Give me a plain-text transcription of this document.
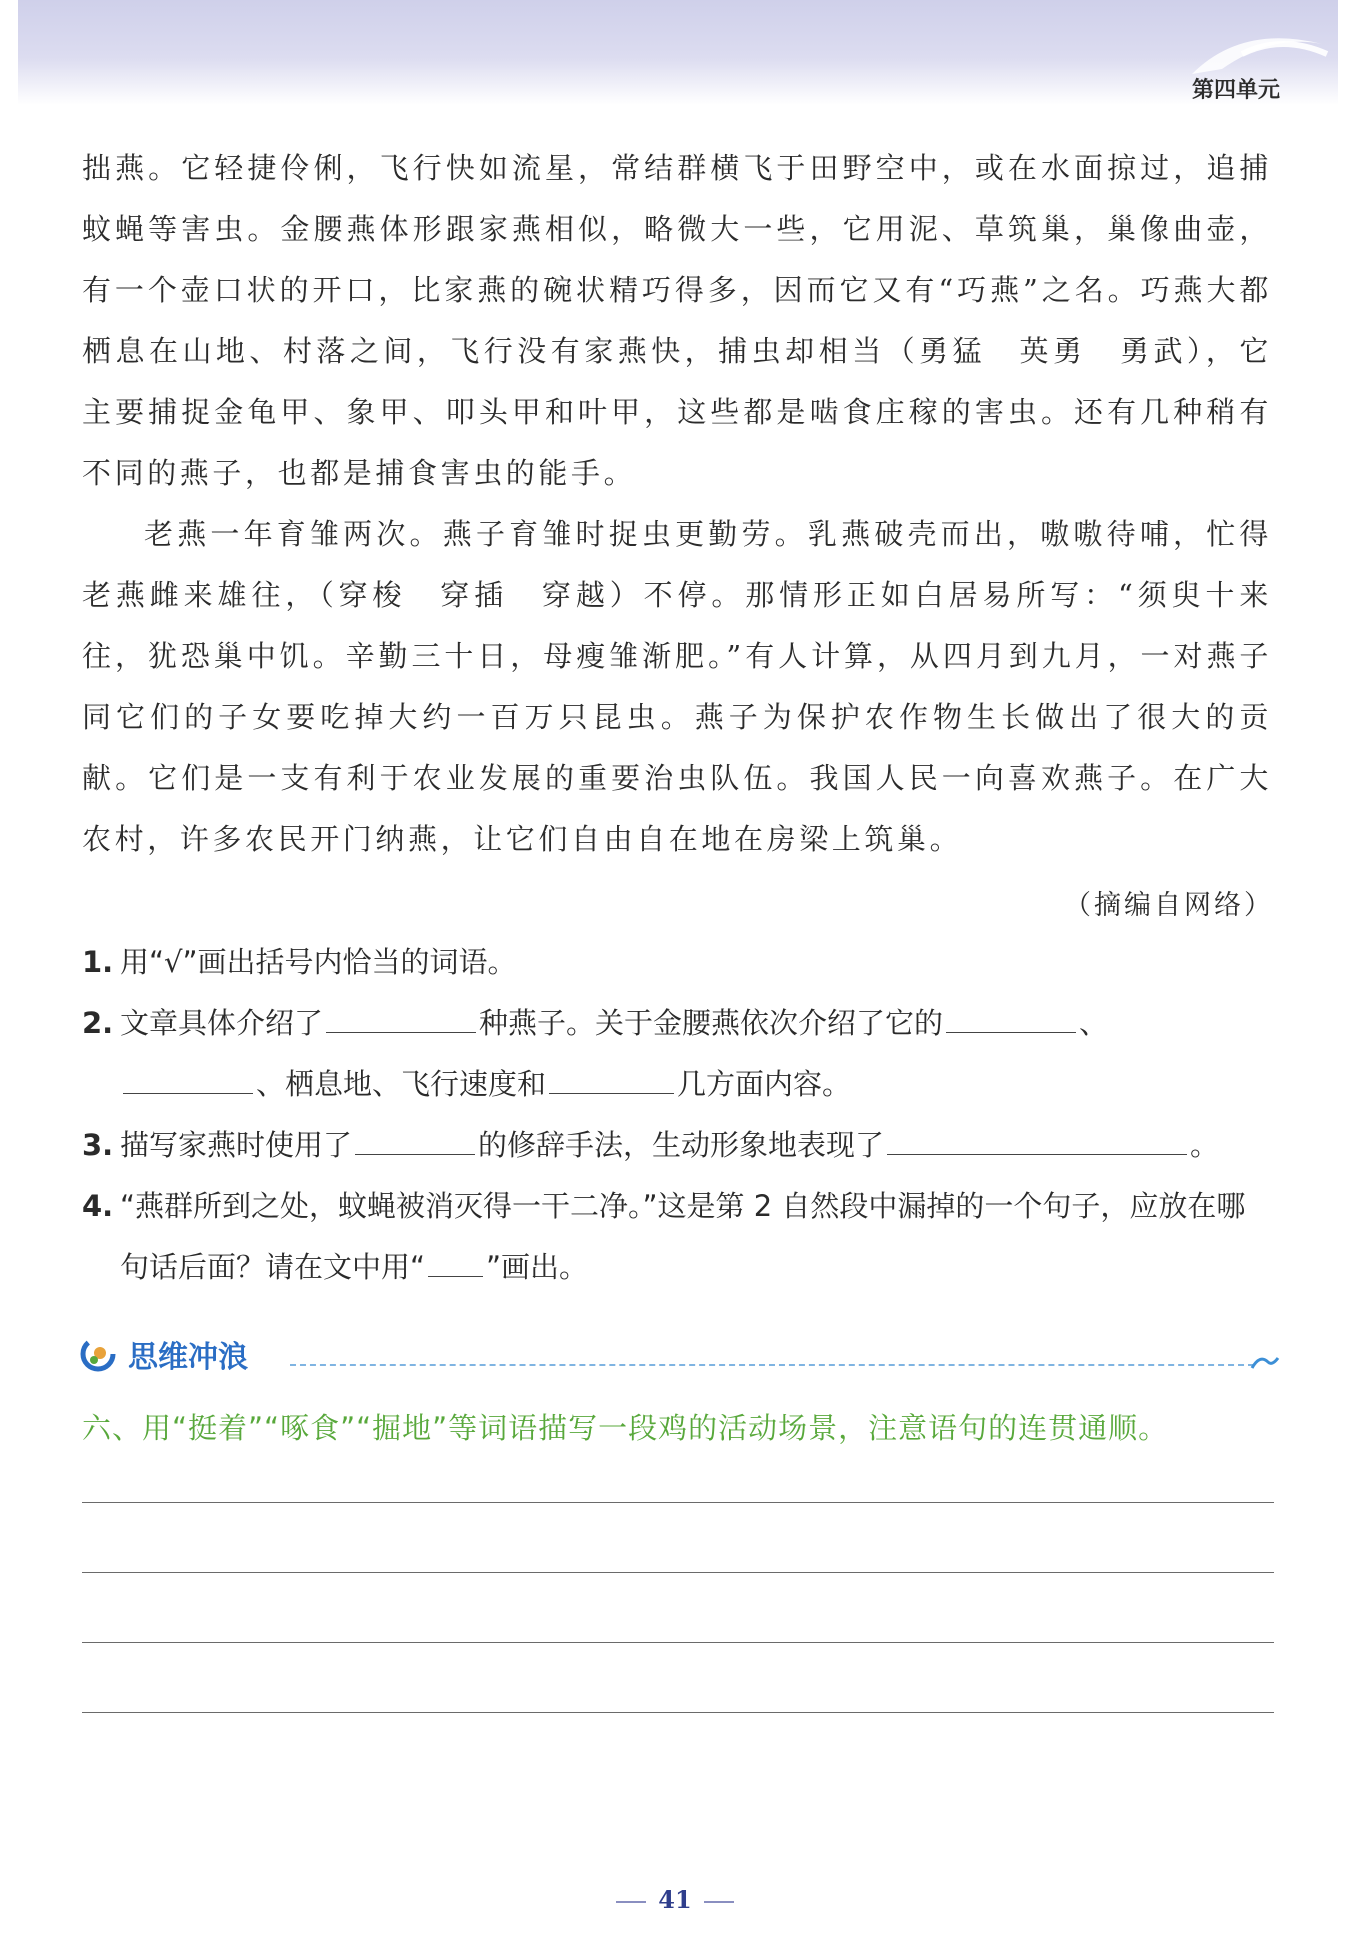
第四单元

拙燕。它轻捷伶俐，飞行快如流星，常结群横飞于田野空中，或在水面掠过，追捕蚊蝇等害虫。金腰燕体形跟家燕相似，略微大一些，它用泥、草筑巢，巢像曲壶，有一个壶口状的开口，比家燕的碗状精巧得多，因而它又有“巧燕”之名。巧燕大都栖息在山地、村落之间，飞行没有家燕快，捕虫却相当（勇猛　英勇　勇武），它主要捕捉金龟甲、象甲、叩头甲和叶甲，这些都是啮食庄稼的害虫。还有几种稍有不同的燕子，也都是捕食害虫的能手。

老燕一年育雏两次。燕子育雏时捉虫更勤劳。乳燕破壳而出，嗷嗷待哺，忙得老燕雌来雄往，（穿梭　穿插　穿越）不停。那情形正如白居易所写：“须臾十来往，犹恐巢中饥。辛勤三十日，母瘦雏渐肥。”有人计算，从四月到九月，一对燕子同它们的子女要吃掉大约一百万只昆虫。燕子为保护农作物生长做出了很大的贡献。它们是一支有利于农业发展的重要治虫队伍。我国人民一向喜欢燕子。在广大农村，许多农民开门纳燕，让它们自由自在地在房梁上筑巢。

（摘编自网络）

1. 用“√”画出括号内恰当的词语。

2. 文章具体介绍了	种燕子。关于金腰燕依次介绍了它的	、
、栖息地、飞行速度和	几方面内容。

3. 描写家燕时使用了	的修辞手法，生动形象地表现了	。

4. “燕群所到之处，蚊蝇被消灭得一干二净。”这是第 2 自然段中漏掉的一个句子，应放在哪句话后面？请在文中用“ ”画出。

思维冲浪
六、用“挺着”“啄食”“掘地”等词语描写一段鸡的活动场景，注意语句的连贯通顺。
41
